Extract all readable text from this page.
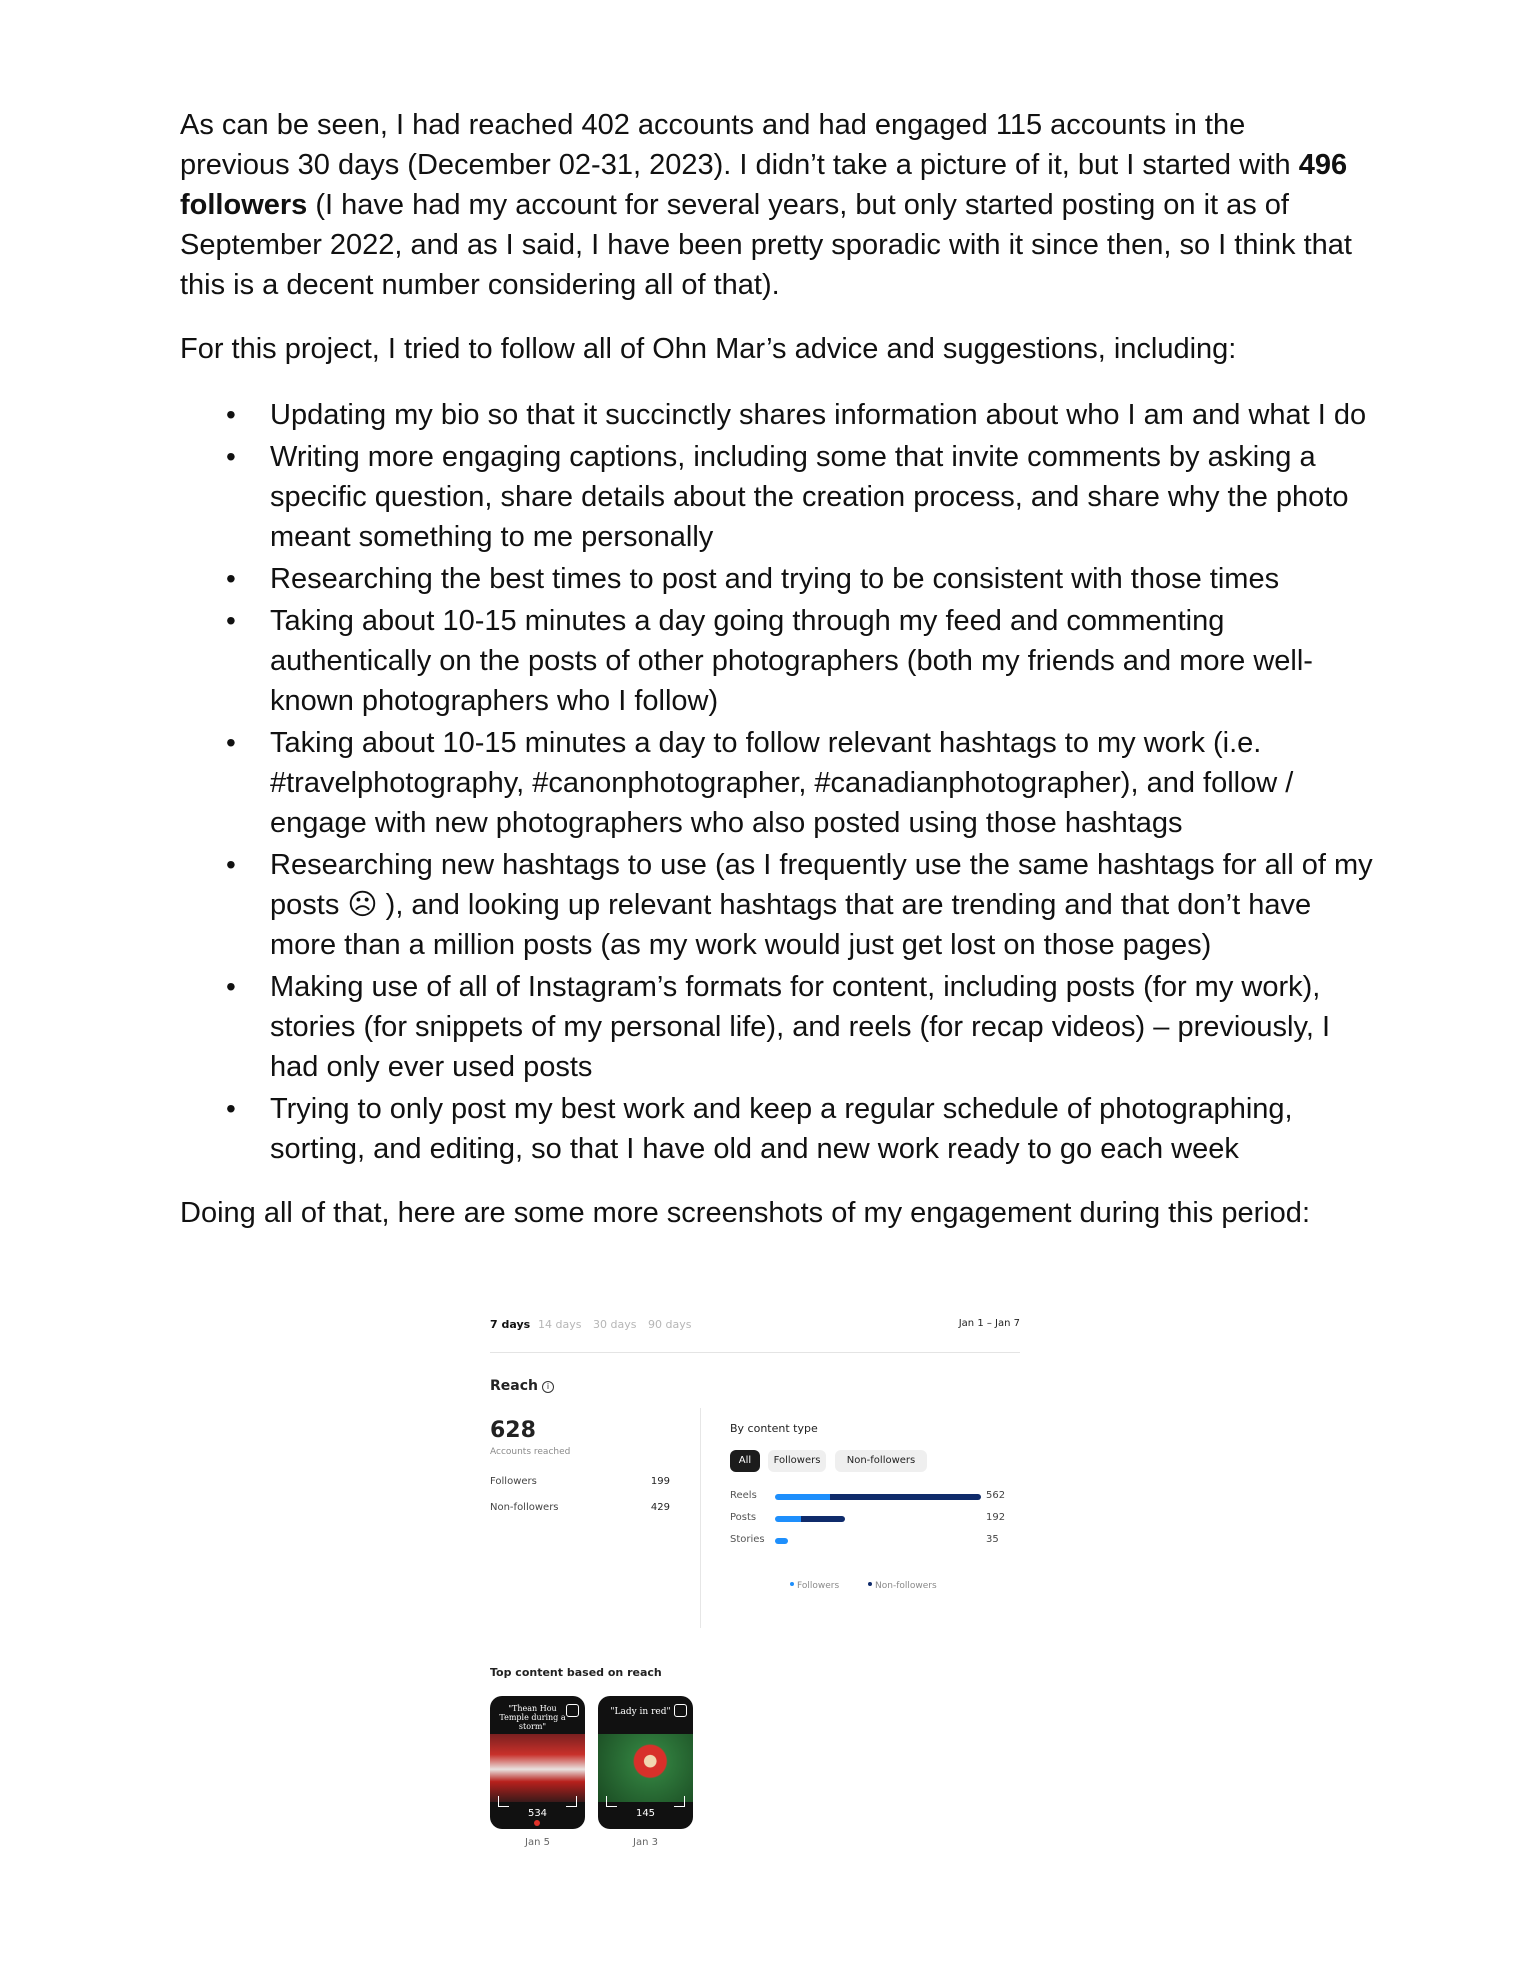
As can be seen, I had reached 402 accounts and had engaged 115 accounts in the previous 30 days (December 02-31, 2023). I didn’t take a picture of it, but I started with 496 followers (I have had my account for several years, but only started posting on it as of September 2022, and as I said, I have been pretty sporadic with it since then, so I think that this is a decent number considering all of that).

For this project, I tried to follow all of Ohn Mar’s advice and suggestions, including:

• Updating my bio so that it succinctly shares information about who I am and what I do
• Writing more engaging captions, including some that invite comments by asking a specific question, share details about the creation process, and share why the photo meant something to me personally
• Researching the best times to post and trying to be consistent with those times
• Taking about 10-15 minutes a day going through my feed and commenting authentically on the posts of other photographers (both my friends and more well-known photographers who I follow)
• Taking about 10-15 minutes a day to follow relevant hashtags to my work (i.e. #travelphotography, #canonphotographer, #canadianphotographer), and follow / engage with new photographers who also posted using those hashtags
• Researching new hashtags to use (as I frequently use the same hashtags for all of my posts ☹ ), and looking up relevant hashtags that are trending and that don’t have more than a million posts (as my work would just get lost on those pages)
• Making use of all of Instagram’s formats for content, including posts (for my work), stories (for snippets of my personal life), and reels (for recap videos) – previously, I had only ever used posts
• Trying to only post my best work and keep a regular schedule of photographing, sorting, and editing, so that I have old and new work ready to go each week

Doing all of that, here are some more screenshots of my engagement during this period:

7 days 14 days 30 days 90 days	Jan 1 – Jan 7
Reach i
628
Accounts reached
Followers	199
Non-followers	429
By content type
All	Followers	Non-followers
Reels	562
Posts	192
Stories	35
Followers	Non-followers
Top content based on reach
"Thean Hou Temple during a storm"
534
Jan 5
"Lady in red"
145
Jan 3
